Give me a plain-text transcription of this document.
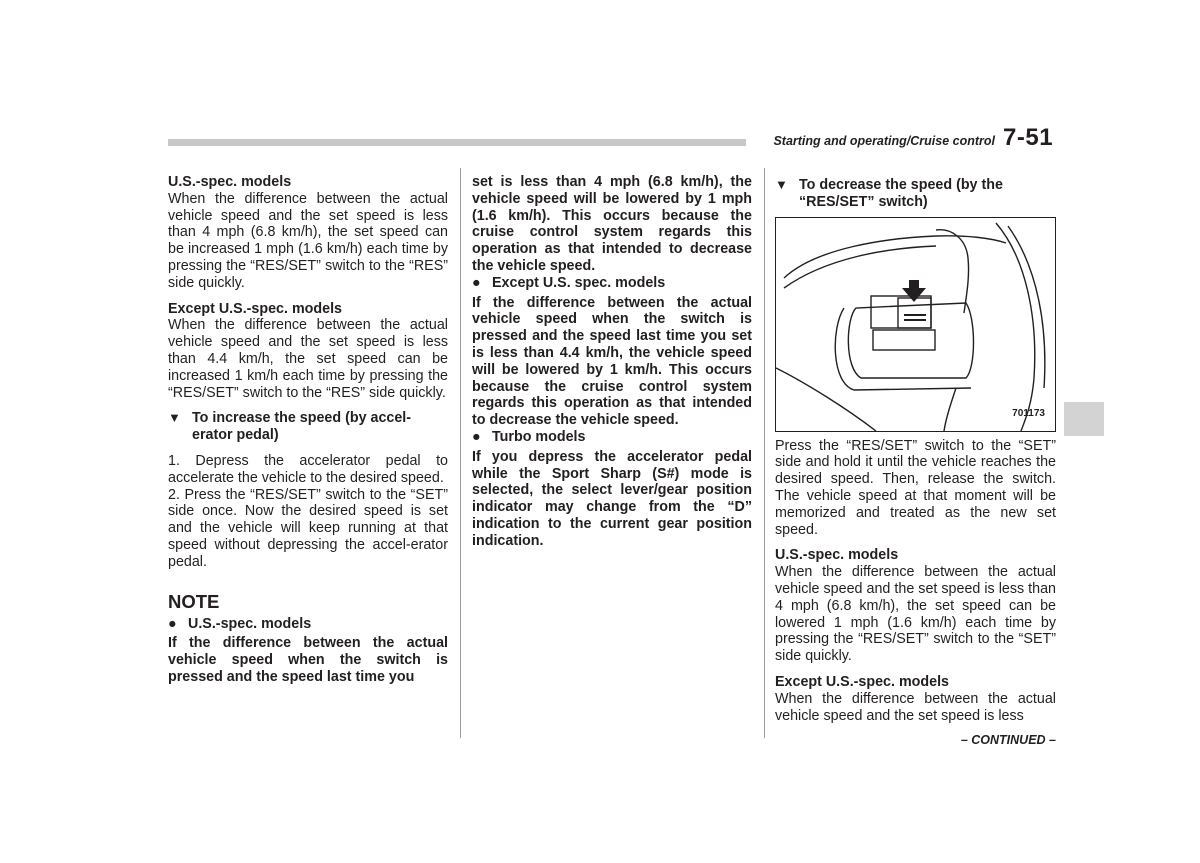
Starting and operating/Cruise control 7-51

U.S.-spec. models

When the difference between the actual vehicle speed and the set speed is less than 4 mph (6.8 km/h), the set speed can be increased 1 mph (1.6 km/h) each time by pressing the “RES/SET” switch to the “RES” side quickly.

Except U.S.-spec. models

When the difference between the actual vehicle speed and the set speed is less than 4.4 km/h, the set speed can be increased 1 km/h each time by pressing the “RES/SET” switch to the “RES” side quickly.

▼ To increase the speed (by accel-erator pedal)

1. Depress the accelerator pedal to accelerate the vehicle to the desired speed.

2. Press the “RES/SET” switch to the “SET” side once. Now the desired speed is set and the vehicle will keep running at that speed without depressing the accel-erator pedal.

NOTE
● U.S.-spec. models

If the difference between the actual vehicle speed when the switch is pressed and the speed last time you

set is less than 4 mph (6.8 km/h), the vehicle speed will be lowered by 1 mph (1.6 km/h). This occurs because the cruise control system regards this operation as that intended to decrease the vehicle speed.

● Except U.S. spec. models

If the difference between the actual vehicle speed when the switch is pressed and the speed last time you set is less than 4.4 km/h, the vehicle speed will be lowered by 1 km/h. This occurs because the cruise control system regards this operation as that intended to decrease the vehicle speed.

● Turbo models

If you depress the accelerator pedal while the Sport Sharp (S#) mode is selected, the select lever/gear position indicator may change from the “D” indication to the current gear position indication.

▼ To decrease the speed (by the “RES/SET” switch)
701173

Press the “RES/SET” switch to the “SET” side and hold it until the vehicle reaches the desired speed. Then, release the switch. The vehicle speed at that moment will be memorized and treated as the new set speed.

U.S.-spec. models

When the difference between the actual vehicle speed and the set speed is less than 4 mph (6.8 km/h), the set speed can be lowered 1 mph (1.6 km/h) each time by pressing the “RES/SET” switch to the “SET” side quickly.

Except U.S.-spec. models

When the difference between the actual vehicle speed and the set speed is less

– CONTINUED –
